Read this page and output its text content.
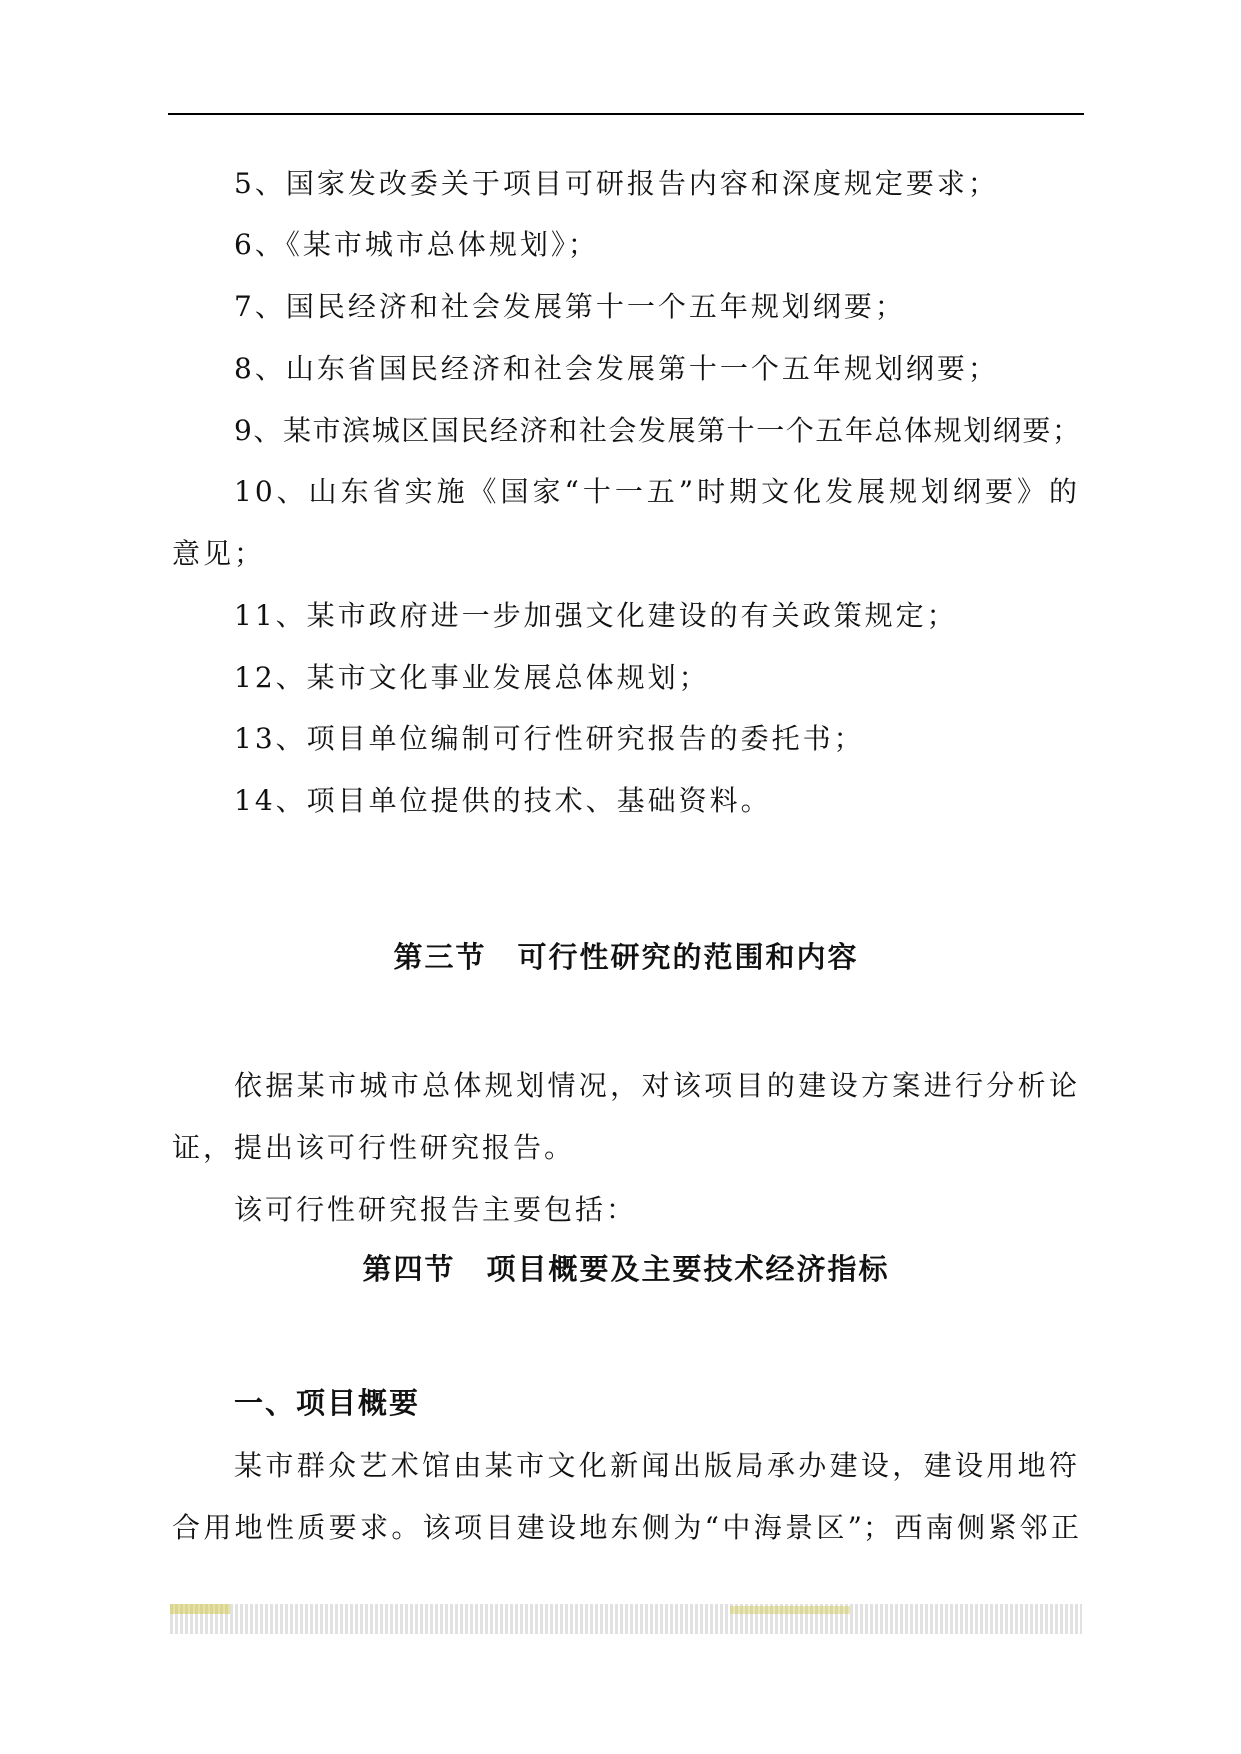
5、国家发改委关于项目可研报告内容和深度规定要求；
6、《某市城市总体规划》；
7、国民经济和社会发展第十一个五年规划纲要；
8、山东省国民经济和社会发展第十一个五年规划纲要；
9、某市滨城区国民经济和社会发展第十一个五年总体规划纲要；
10、山东省实施《国家“十一五”时期文化发展规划纲要》的
意见；
11、某市政府进一步加强文化建设的有关政策规定；
12、某市文化事业发展总体规划；
13、项目单位编制可行性研究报告的委托书；
14、项目单位提供的技术、基础资料。
第三节　可行性研究的范围和内容
依据某市城市总体规划情况，对该项目的建设方案进行分析论
证，提出该可行性研究报告。
该可行性研究报告主要包括：
第四节　项目概要及主要技术经济指标
一、项目概要
某市群众艺术馆由某市文化新闻出版局承办建设，建设用地符
合用地性质要求。该项目建设地东侧为“中海景区”；西南侧紧邻正
